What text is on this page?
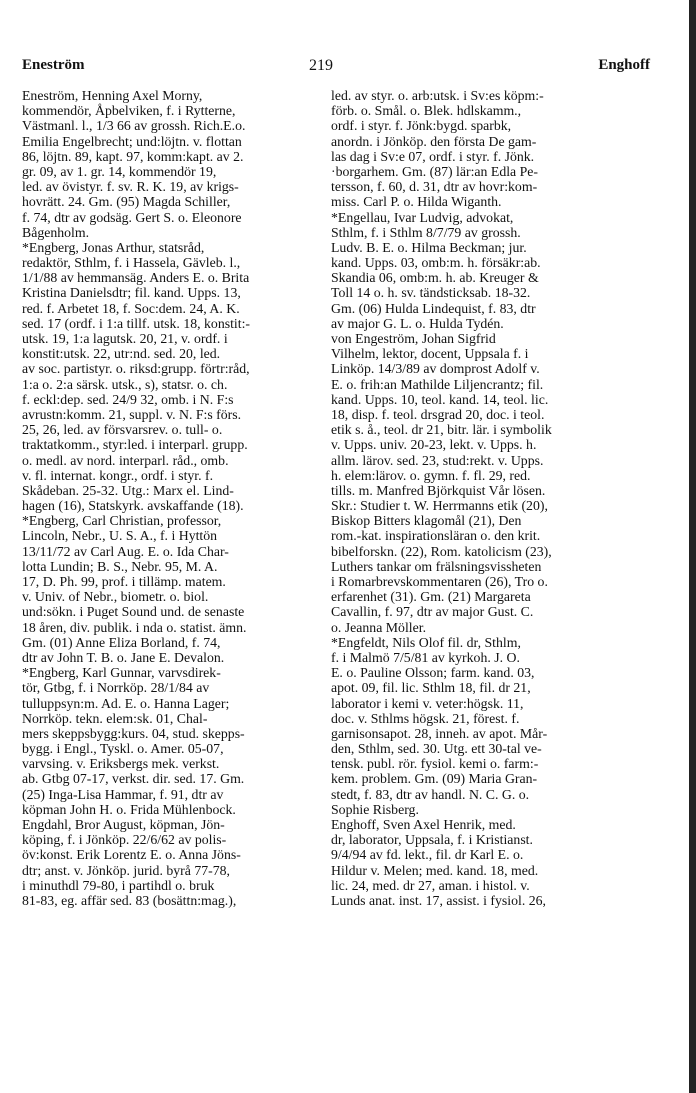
Eneström	219	Enghoff
Eneström, Henning Axel Morny,
kommendör, Åpbelviken, f. i Rytterne,
Västmanl. l., 1/3 66 av grossh. Rich.E.o.
Emilia Engelbrecht; und:löjtn. v. flottan
86, löjtn. 89, kapt. 97, komm:kapt. av 2.
gr. 09, av 1. gr. 14, kommendör 19,
led. av övistyr. f. sv. R. K. 19, av krigs-
hovrätt. 24. Gm. (95) Magda Schiller,
f. 74, dtr av godsäg. Gert S. o. Eleonore
Bågenholm.
*Engberg, Jonas Arthur, statsråd,
redaktör, Sthlm, f. i Hassela, Gävleb. l.,
1/1/88 av hemmansäg. Anders E. o. Brita
Kristina Danielsdtr; fil. kand. Upps. 13,
red. f. Arbetet 18, f. Soc:dem. 24, A. K.
sed. 17 (ordf. i 1:a tillf. utsk. 18, konstit:-
utsk. 19, 1:a lagutsk. 20, 21, v. ordf. i
konstit:utsk. 22, utr:nd. sed. 20, led.
av soc. partistyr. o. riksd:grupp. förtr:råd,
1:a o. 2:a särsk. utsk., s), statsr. o. ch.
f. eckl:dep. sed. 24/9 32, omb. i N. F:s
avrustn:komm. 21, suppl. v. N. F:s förs.
25, 26, led. av försvarsrev. o. tull- o.
traktatkomm., styr:led. i interparl. grupp.
o. medl. av nord. interparl. råd., omb.
v. fl. internat. kongr., ordf. i styr. f.
Skådeban. 25-32. Utg.: Marx el. Lind-
hagen (16), Statskyrk. avskaffande (18).
*Engberg, Carl Christian, professor,
Lincoln, Nebr., U. S. A., f. i Hyttön
13/11/72 av Carl Aug. E. o. Ida Char-
lotta Lundin; B. S., Nebr. 95, M. A.
17, D. Ph. 99, prof. i tillämp. matem.
v. Univ. of Nebr., biometr. o. biol.
und:sökn. i Puget Sound und. de senaste
18 åren, div. publik. i nda o. statist. ämn.
Gm. (01) Anne Eliza Borland, f. 74,
dtr av John T. B. o. Jane E. Devalon.
*Engberg, Karl Gunnar, varvsdirek-
tör, Gtbg, f. i Norrköp. 28/1/84 av
tulluppsyn:m. Ad. E. o. Hanna Lager;
Norrköp. tekn. elem:sk. 01, Chal-
mers skeppsbygg:kurs. 04, stud. skepps-
bygg. i Engl., Tyskl. o. Amer. 05-07,
varvsing. v. Eriksbergs mek. verkst.
ab. Gtbg 07-17, verkst. dir. sed. 17. Gm.
(25) Inga-Lisa Hammar, f. 91, dtr av
köpman John H. o. Frida Mühlenbock.
Engdahl, Bror August, köpman, Jön-
köping, f. i Jönköp. 22/6/62 av polis-
öv:konst. Erik Lorentz E. o. Anna Jöns-
dtr; anst. v. Jönköp. jurid. byrå 77-78,
i minuthdl 79-80, i partihdl o. bruk
81-83, eg. affär sed. 83 (bosättn:mag.),
led. av styr. o. arb:utsk. i Sv:es köpm:-
förb. o. Smål. o. Blek. hdlskamm.,
ordf. i styr. f. Jönk:bygd. sparbk,
anordn. i Jönköp. den första De gam-
las dag i Sv:e 07, ordf. i styr. f. Jönk.
·borgarhem. Gm. (87) lär:an Edla Pe-
tersson, f. 60, d. 31, dtr av hovr:kom-
miss. Carl P. o. Hilda Wiganth.
*Engellau, Ivar Ludvig, advokat,
Sthlm, f. i Sthlm 8/7/79 av grossh.
Ludv. B. E. o. Hilma Beckman; jur.
kand. Upps. 03, omb:m. h. försäkr:ab.
Skandia 06, omb:m. h. ab. Kreuger &
Toll 14 o. h. sv. tändsticksab. 18-32.
Gm. (06) Hulda Lindequist, f. 83, dtr
av major G. L. o. Hulda Tydén.
von Engeström, Johan Sigfrid
Vilhelm, lektor, docent, Uppsala f. i
Linköp. 14/3/89 av domprost Adolf v.
E. o. frih:an Mathilde Liljencrantz; fil.
kand. Upps. 10, teol. kand. 14, teol. lic.
18, disp. f. teol. drsgrad 20, doc. i teol.
etik s. å., teol. dr 21, bitr. lär. i symbolik
v. Upps. univ. 20-23, lekt. v. Upps. h.
allm. lärov. sed. 23, stud:rekt. v. Upps.
h. elem:lärov. o. gymn. f. fl. 29, red.
tills. m. Manfred Björkquist Vår lösen.
Skr.: Studier t. W. Herrmanns etik (20),
Biskop Bitters klagomål (21), Den
rom.-kat. inspirationsläran o. den krit.
bibelforskn. (22), Rom. katolicism (23),
Luthers tankar om frälsningsvissheten
i Romarbrevskommentaren (26), Tro o.
erfarenhet (31). Gm. (21) Margareta
Cavallin, f. 97, dtr av major Gust. C.
o. Jeanna Möller.
*Engfeldt, Nils Olof fil. dr, Sthlm,
f. i Malmö 7/5/81 av kyrkoh. J. O.
E. o. Pauline Olsson; farm. kand. 03,
apot. 09, fil. lic. Sthlm 18, fil. dr 21,
laborator i kemi v. veter:högsk. 11,
doc. v. Sthlms högsk. 21, förest. f.
garnisonsapot. 28, inneh. av apot. Mår-
den, Sthlm, sed. 30. Utg. ett 30-tal ve-
tensk. publ. rör. fysiol. kemi o. farm:-
kem. problem. Gm. (09) Maria Gran-
stedt, f. 83, dtr av handl. N. C. G. o.
Sophie Risberg.
Enghoff, Sven Axel Henrik, med.
dr, laborator, Uppsala, f. i Kristianst.
9/4/94 av fd. lekt., fil. dr Karl E. o.
Hildur v. Melen; med. kand. 18, med.
lic. 24, med. dr 27, aman. i histol. v.
Lunds anat. inst. 17, assist. i fysiol. 26,
